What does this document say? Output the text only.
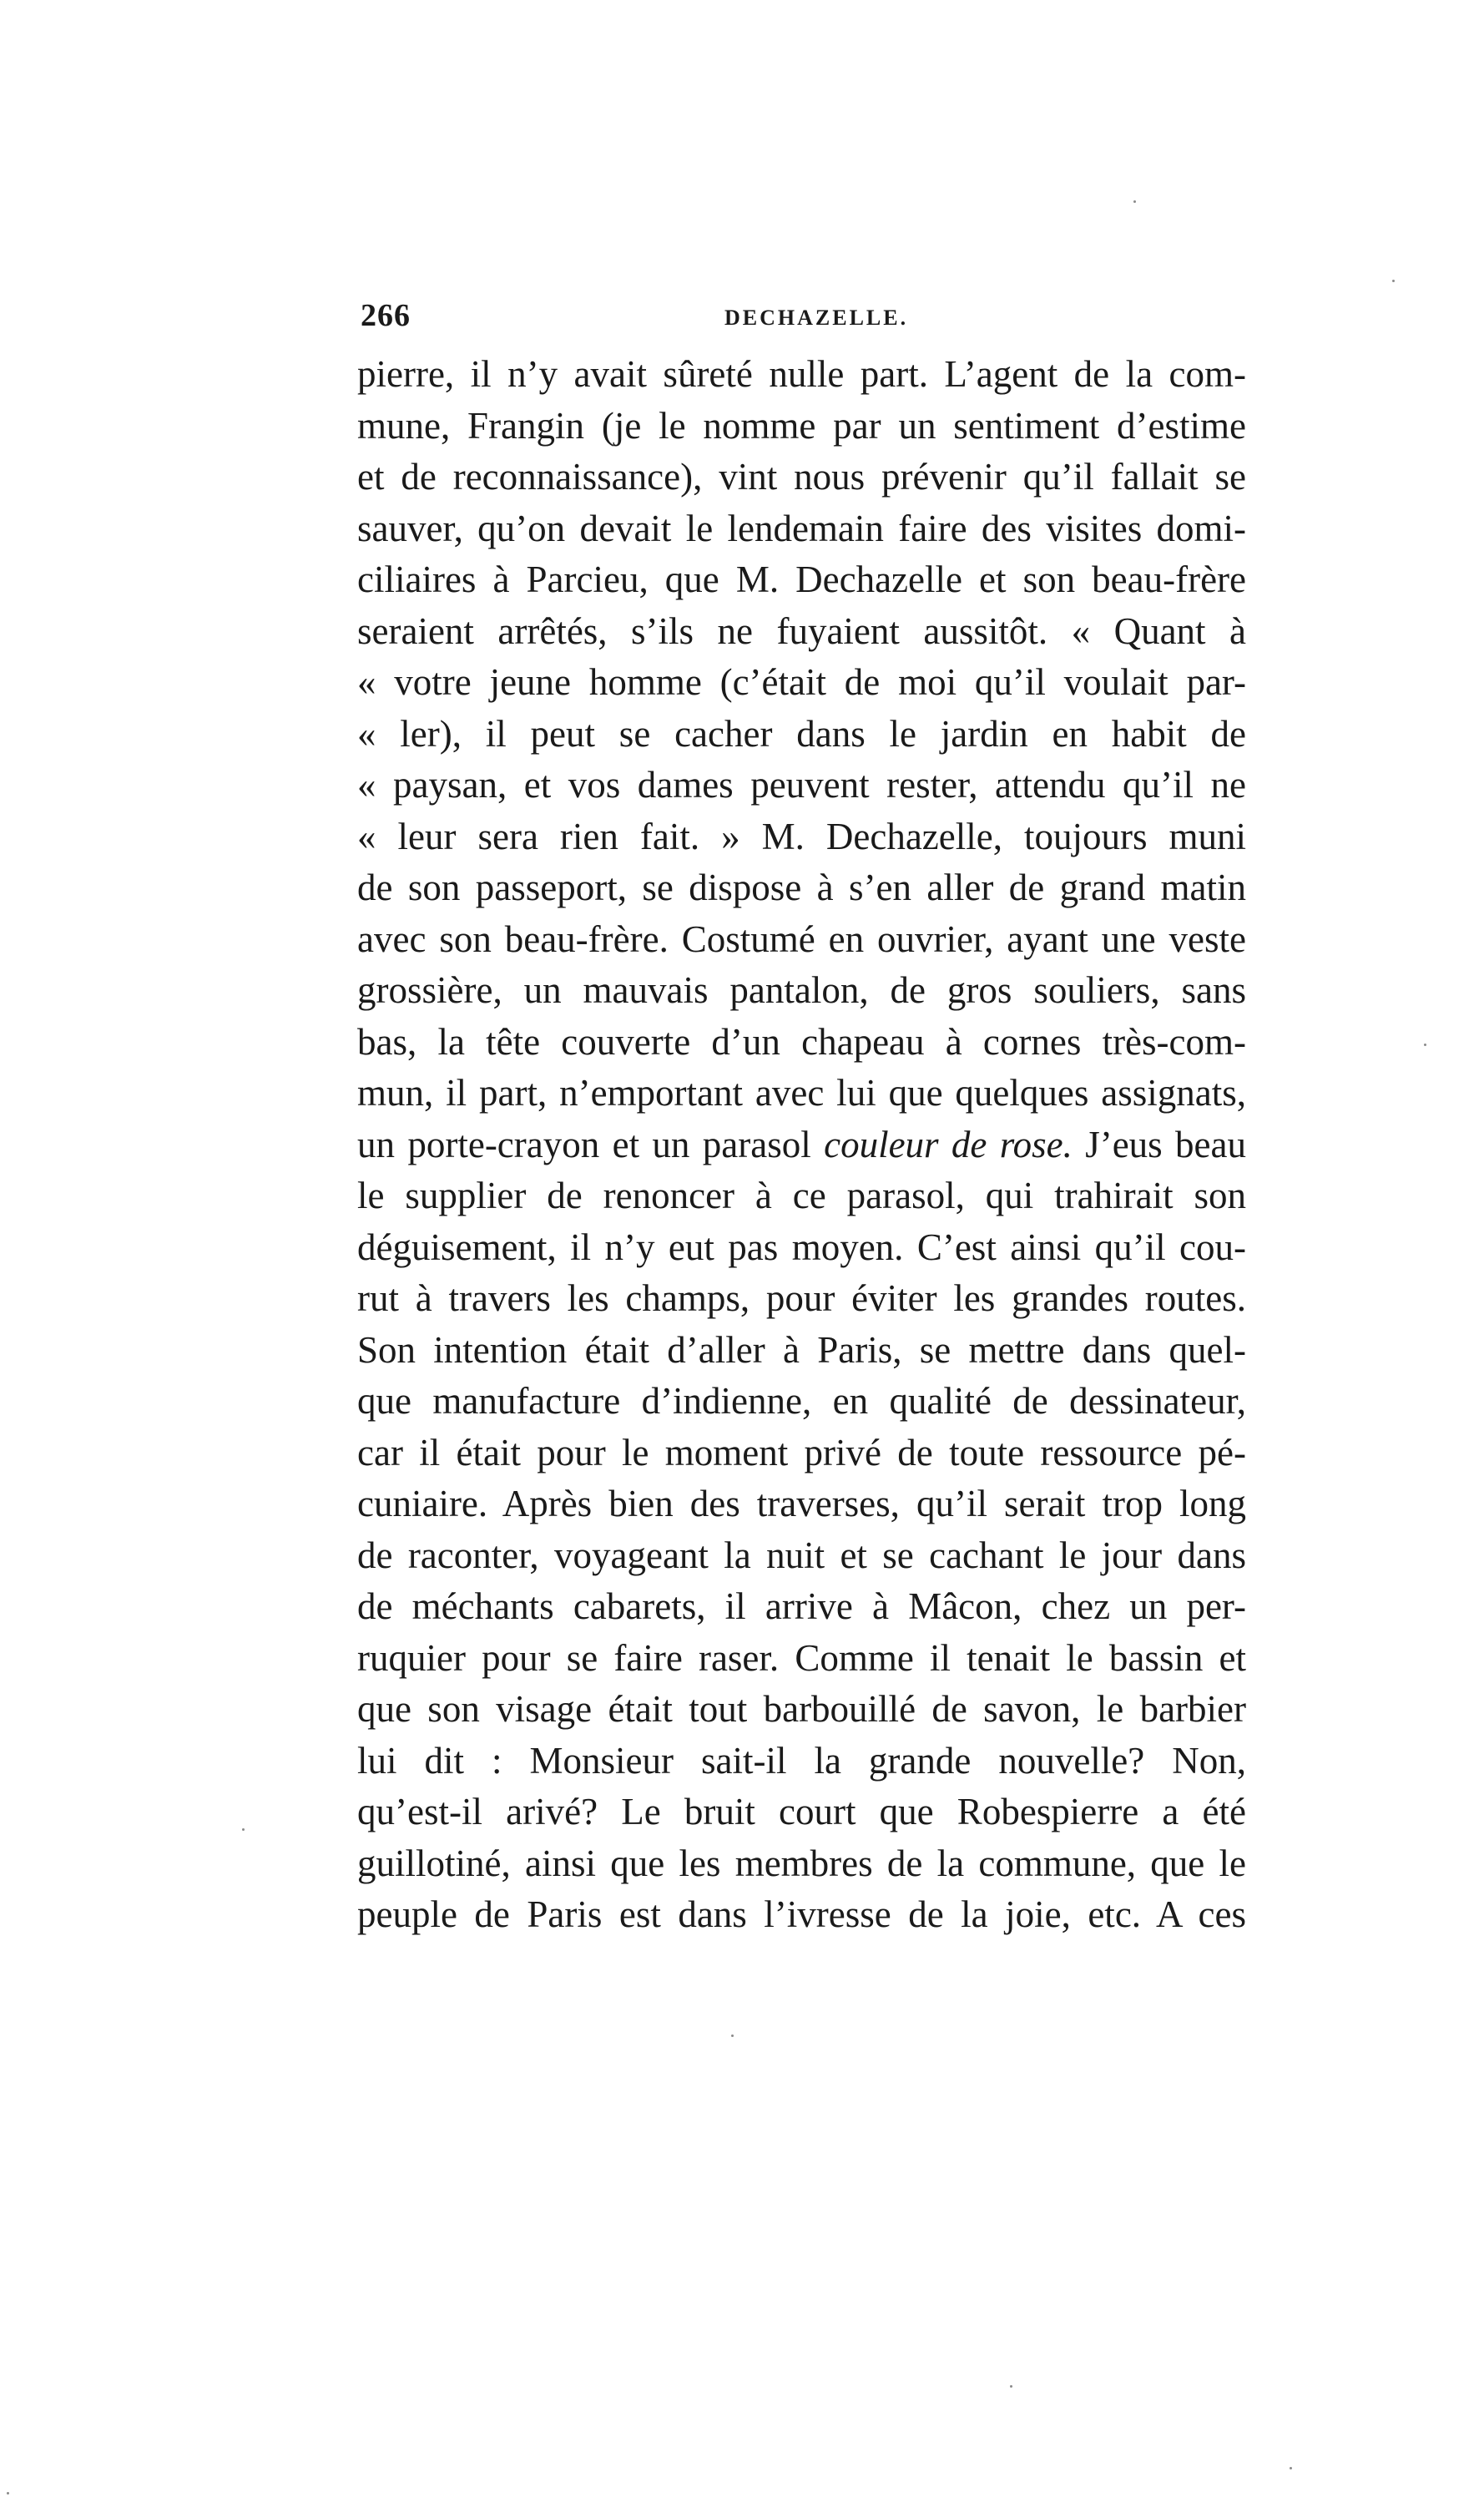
266	DECHAZELLE.
pierre, il n’y avait sûreté nulle part. L’agent de la com-
mune, Frangin (je le nomme par un sentiment d’estime
et de reconnaissance), vint nous prévenir qu’il fallait se
sauver, qu’on devait le lendemain faire des visites domi-
ciliaires à Parcieu, que M. Dechazelle et son beau-frère
seraient arrêtés, s’ils ne fuyaient aussitôt. « Quant à
« votre jeune homme (c’était de moi qu’il voulait par-
« ler), il peut se cacher dans le jardin en habit de
« paysan, et vos dames peuvent rester, attendu qu’il ne
« leur sera rien fait. » M. Dechazelle, toujours muni
de son passeport, se dispose à s’en aller de grand matin
avec son beau-frère. Costumé en ouvrier, ayant une veste
grossière, un mauvais pantalon, de gros souliers, sans
bas, la tête couverte d’un chapeau à cornes très-com-
mun, il part, n’emportant avec lui que quelques assignats,
un porte-crayon et un parasol couleur de rose. J’eus beau
le supplier de renoncer à ce parasol, qui trahirait son
déguisement, il n’y eut pas moyen. C’est ainsi qu’il cou-
rut à travers les champs, pour éviter les grandes routes.
Son intention était d’aller à Paris, se mettre dans quel-
que manufacture d’indienne, en qualité de dessinateur,
car il était pour le moment privé de toute ressource pé-
cuniaire. Après bien des traverses, qu’il serait trop long
de raconter, voyageant la nuit et se cachant le jour dans
de méchants cabarets, il arrive à Mâcon, chez un per-
ruquier pour se faire raser. Comme il tenait le bassin et
que son visage était tout barbouillé de savon, le barbier
lui dit : Monsieur sait-il la grande nouvelle? Non,
qu’est-il arivé? Le bruit court que Robespierre a été
guillotiné, ainsi que les membres de la commune, que le
peuple de Paris est dans l’ivresse de la joie, etc. A ces
